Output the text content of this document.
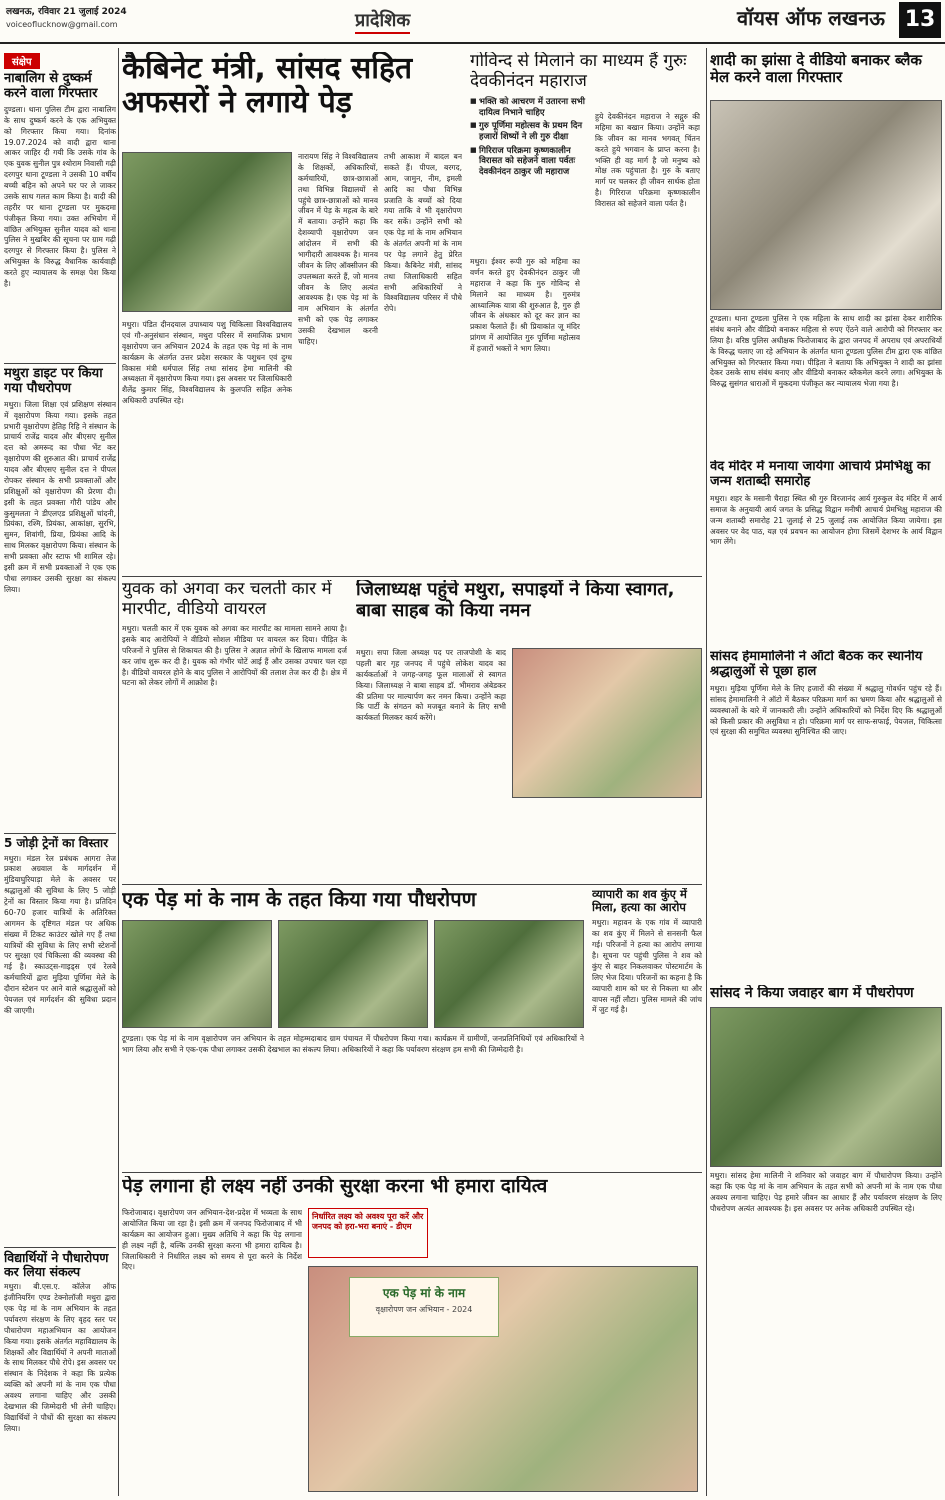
लखनऊ, रविवार 21 जुलाई 2024
voiceoflucknow@gmail.com	प्रादेशिक	वॉयस ऑफ लखनऊ 13
संक्षेप
नाबालिग से दुष्कर्म करने वाला गिरफ्तार
दुण्डला। थाना पुलिस टीम द्वारा नाबालिग के साथ दुष्कर्म करने के एक अभियुक्त को गिरफ्तार किया गया। दिनांक 19.07.2024 को वादी द्वारा थाना आकर जाहिर दी गयी कि उसके गांव के एक युवक सुनील पुत्र श्योराम निवासी गढ़ी दरगपुर थाना टूण्डला ने उसकी 10 वर्षीय बच्ची बहिन को अपने घर पर ले जाकर उसके साथ गलत काम किया है। वादी की तहरीर पर थाना टूण्डला पर मुकदमा पंजीकृत किया गया। उक्त अभियोग में वांछित अभियुक्त सुनील यादव को थाना पुलिस ने मुखबिर की सूचना पर ग्राम गढ़ी दरगपुर से गिरफ्तार किया है। पुलिस ने अभियुक्त के विरुद्ध वैधानिक कार्यवाही करते हुए न्यायालय के समक्ष पेश किया है।
मथुरा डाइट पर किया गया पौधरोपण
मथुरा। जिला शिक्षा एवं प्रशिक्षण संस्थान में वृक्षारोपण किया गया। इसके तहत प्रभारी वृक्षारोपण हेतिह रिहि ने संस्थान के प्राचार्य राजेंद्र यादव और बीएसए सुनील दत्त को अमरूद का पौधा भेंट कर वृक्षारोपण की शुरुआत की। प्राचार्य राजेंद्र यादव और बीएसए सुनील दत्त ने पीपल रोपकर संस्थान के सभी प्रवक्ताओं और प्रशिक्षुओं को वृक्षारोपण की प्रेरणा दी। इसी के तहत प्रवक्ता गौरी पांडेय और कुसुमलता ने डीएलएड प्रशिक्षुओं चांदनी, प्रियंका, रश्मि, प्रियंका, आकांक्षा, सुरभि, सुमन, शिवांगी, प्रिया, प्रियंका आदि के साथ मिलकर वृक्षारोपण किया। संस्थान के सभी प्रवक्ता और स्टाफ भी शामिल रहे। इसी क्रम में सभी प्रवक्ताओं ने एक एक पौधा लगाकर उसकी सुरक्षा का संकल्प लिया।
5 जोड़ी ट्रेनों का विस्तार
मथुरा। मंडल रेल प्रबंधक आगरा तेज प्रकाश अग्रवाल के मार्गदर्शन में मुंडियाघुरियाड़ा मेले के अवसर पर श्रद्धालुओं की सुविधा के लिए 5 जोड़ी ट्रेनों का विस्तार किया गया है। प्रतिदिन 60-70 हजार यात्रियों के अतिरिक्त आगमन के दृष्टिगत मंडल पर अधिक संख्या में टिकट काउंटर खोले गए हैं तथा यात्रियों की सुविधा के लिए सभी स्टेशनों पर सुरक्षा एवं चिकित्सा की व्यवस्था की गई है। स्काउट्स-गाइड्स एवं रेलवे कर्मचारियों द्वारा मुड़िया पूर्णिमा मेले के दौरान स्टेशन पर आने वाले श्रद्धालुओं को पेयजल एवं मार्गदर्शन की सुविधा प्रदान की जाएगी।
विद्यार्थियों ने पौधारोपण कर लिया संकल्प
मथुरा। बी.एस.ए. कॉलेज ऑफ इंजीनियरिंग एण्ड टेक्नोलॉजी मथुरा द्वारा एक पेड़ मां के नाम अभियान के तहत पर्यावरण संरक्षण के लिए वृहद स्तर पर पौधारोपण महाअभियान का आयोजन किया गया। इसके अंतर्गत महाविद्यालय के शिक्षकों और विद्यार्थियों ने अपनी माताओं के साथ मिलकर पौधे रोपे। इस अवसर पर संस्थान के निदेशक ने कहा कि प्रत्येक व्यक्ति को अपनी मां के नाम एक पौधा अवश्य लगाना चाहिए और उसकी देखभाल की जिम्मेदारी भी लेनी चाहिए। विद्यार्थियों ने पौधों की सुरक्षा का संकल्प लिया।
कैबिनेट मंत्री, सांसद सहित अफसरों ने लगाये पेड़
नारायण सिंह ने विश्वविद्यालय के शिक्षकों, अधिकारियों, कर्मचारियों, छात्र-छात्राओं तथा विभिन्न विद्यालयों से पहुंचे छात्र-छात्राओं को मानव जीवन में पेड़ के महत्व के बारे में बताया। उन्होंने कहा कि देशव्यापी वृक्षारोपण जन आंदोलन में सभी की भागीदारी आवश्यक है। मानव जीवन के लिए ऑक्सीजन की उपलब्धता करते हैं, जो मानव जीवन के लिए अत्यंत आवश्यक है। एक पेड़ मां के नाम अभियान के अंतर्गत सभी को एक पेड़ लगाकर उसकी देखभाल करनी चाहिए।
तभी आकाश में बादल बन सकते हैं। पीपल, बरगद, आम, जामुन, नीम, इमली आदि का पौधा विभिन्न प्रजाति के बच्चों को दिया गया ताकि वे भी वृक्षारोपण कर सकें। उन्होंने सभी को एक पेड़ मां के नाम अभियान के अंतर्गत अपनी मां के नाम पर पेड़ लगाने हेतु प्रेरित किया। कैबिनेट मंत्री, सांसद तथा जिलाधिकारी सहित सभी अधिकारियों ने विश्वविद्यालय परिसर में पौधे रोपे।
मथुरा। पंडित दीनदयाल उपाध्याय पशु चिकित्सा विश्वविद्यालय एवं गौ-अनुसंधान संस्थान, मथुरा परिसर में समाजिक प्रभाग वृक्षारोपण जन अभियान 2024 के तहत एक पेड़ मां के नाम कार्यक्रम के अंतर्गत उत्तर प्रदेश सरकार के पशुधन एवं दुग्ध विकास मंत्री धर्मपाल सिंह तथा सांसद हेमा मालिनी की अध्यक्षता में वृक्षारोपण किया गया। इस अवसर पर जिलाधिकारी शैलेंद्र कुमार सिंह, विश्वविद्यालय के कुलपति सहित अनेक अधिकारी उपस्थित रहे।
गोविन्द से मिलाने का माध्यम हैं गुरुः देवकीनंदन महाराज
■ भक्ति को आचरण में उतारना सभी दायित्व निभाने चाहिए
■ गुरु पूर्णिमा महोत्सव के प्रथम दिन हजारों शिष्यों ने ली गुरु दीक्षा
■ गिरिराज परिक्रमा कृष्णकालीन विरासत को सहेजने वाला पर्वतः देवकीनंदन ठाकुर जी महाराज
मथुरा। ईश्वर रूपी गुरु को महिमा का वर्णन करते हुए देवकीनंदन ठाकुर जी महाराज ने कहा कि गुरु गोविन्द से मिलाने का माध्यम है। गुरुमंत्र आध्यात्मिक यात्रा की शुरुआत है, गुरु ही जीवन के अंधकार को दूर कर ज्ञान का प्रकाश फैलाते हैं। श्री प्रियाकांत जू मंदिर प्रांगण में आयोजित गुरु पूर्णिमा महोत्सव में हजारों भक्तों ने भाग लिया।
हुये देवकीनंदन महाराज ने सद्गुरु की महिमा का बखान किया। उन्होंने कहा कि जीवन का मानव भगवत् चिंतन करते हुये भगवान के प्राप्त करना है। भक्ति ही वह मार्ग है जो मनुष्य को मोक्ष तक पहुंचाता है। गुरु के बताए मार्ग पर चलकर ही जीवन सार्थक होता है। गिरिराज परिक्रमा कृष्णकालीन विरासत को सहेजने वाला पर्वत है।
शादी का झांसा दे वीडियो बनाकर ब्लैक मेल करने वाला गिरफ्तार
टूण्डला। थाना टूण्डला पुलिस ने एक महिला के साथ शादी का झांसा देकर शारीरिक संबंध बनाने और वीडियो बनाकर महिला से रुपए ऐंठने वाले आरोपी को गिरफ्तार कर लिया है। वरिष्ठ पुलिस अधीक्षक फिरोजाबाद के द्वारा जनपद में अपराध एवं अपराधियों के विरुद्ध चलाए जा रहे अभियान के अंतर्गत थाना टूण्डला पुलिस टीम द्वारा एक वांछित अभियुक्त को गिरफ्तार किया गया। पीड़िता ने बताया कि अभियुक्त ने शादी का झांसा देकर उसके साथ संबंध बनाए और वीडियो बनाकर ब्लैकमेल करने लगा। अभियुक्त के विरुद्ध सुसंगत धाराओं में मुकदमा पंजीकृत कर न्यायालय भेजा गया है।
वेद मंदिर में मनाया जायेगा आचार्य प्रेमभिक्षु का जन्म शताब्दी समारोह
मथुरा। शहर के मसानी चैराहा स्थित श्री गुरु विरजानंद आर्य गुरुकुल वेद मंदिर में आर्य समाज के अनुयायी आर्य जगत के प्रसिद्ध विद्वान मनीषी आचार्य प्रेमभिक्षु महाराज की जन्म शताब्दी समारोह 21 जुलाई से 25 जुलाई तक आयोजित किया जायेगा। इस अवसर पर वेद पाठ, यज्ञ एवं प्रवचन का आयोजन होगा जिसमें देशभर के आर्य विद्वान भाग लेंगे।
सांसद हेमामालिनी ने ऑटो बैठक कर स्थानीय श्रद्धालुओं से पूछा हाल
मथुरा। मुड़िया पूर्णिमा मेले के लिए हजारों की संख्या में श्रद्धालु गोवर्धन पहुंच रहे हैं। सांसद हेमामालिनी ने ऑटो में बैठकर परिक्रमा मार्ग का भ्रमण किया और श्रद्धालुओं से व्यवस्थाओं के बारे में जानकारी ली। उन्होंने अधिकारियों को निर्देश दिए कि श्रद्धालुओं को किसी प्रकार की असुविधा न हो। परिक्रमा मार्ग पर साफ-सफाई, पेयजल, चिकित्सा एवं सुरक्षा की समुचित व्यवस्था सुनिश्चित की जाए।
सांसद ने किया जवाहर बाग में पौधरोपण
मथुरा। सांसद हेमा मालिनी ने शनिवार को जवाहर बाग में पौधारोपण किया। उन्होंने कहा कि एक पेड़ मां के नाम अभियान के तहत सभी को अपनी मां के नाम एक पौधा अवश्य लगाना चाहिए। पेड़ हमारे जीवन का आधार हैं और पर्यावरण संरक्षण के लिए पौधरोपण अत्यंत आवश्यक है। इस अवसर पर अनेक अधिकारी उपस्थित रहे।
युवक को अगवा कर चलती कार में मारपीट, वीडियो वायरल
मथुरा। चलती कार में एक युवक को अगवा कर मारपीट का मामला सामने आया है। इसके बाद आरोपियों ने वीडियो सोशल मीडिया पर वायरल कर दिया। पीड़ित के परिजनों ने पुलिस से शिकायत की है। पुलिस ने अज्ञात लोगों के खिलाफ मामला दर्ज कर जांच शुरू कर दी है। युवक को गंभीर चोटें आई हैं और उसका उपचार चल रहा है। वीडियो वायरल होने के बाद पुलिस ने आरोपियों की तलाश तेज कर दी है। क्षेत्र में घटना को लेकर लोगों में आक्रोश है।
जिलाध्यक्ष पहुंचे मथुरा, सपाइयों ने किया स्वागत, बाबा साहब को किया नमन
मथुरा। सपा जिला अध्यक्ष पद पर ताजपोशी के बाद पहली बार गृह जनपद में पहुंचे लोकेश यादव का कार्यकर्ताओं ने जगह-जगह फूल मालाओं से स्वागत किया। जिलाध्यक्ष ने बाबा साहब डॉ. भीमराव अंबेडकर की प्रतिमा पर माल्यार्पण कर नमन किया। उन्होंने कहा कि पार्टी के संगठन को मजबूत बनाने के लिए सभी कार्यकर्ता मिलकर कार्य करेंगे।
एक पेड़ मां के नाम के तहत किया गया पौधरोपण
टूण्डला। एक पेड़ मां के नाम वृक्षारोपण जन अभियान के तहत मोहम्मदाबाद ग्राम पंचायत में पौधरोपण किया गया। कार्यक्रम में ग्रामीणों, जनप्रतिनिधियों एवं अधिकारियों ने भाग लिया और सभी ने एक-एक पौधा लगाकर उसकी देखभाल का संकल्प लिया। अधिकारियों ने कहा कि पर्यावरण संरक्षण हम सभी की जिम्मेदारी है।
व्यापारी का शव कुंए में मिला, हत्या का आरोप
मथुरा। महावन के एक गांव में व्यापारी का शव कुंए में मिलने से सनसनी फैल गई। परिजनों ने हत्या का आरोप लगाया है। सूचना पर पहुंची पुलिस ने शव को कुंए से बाहर निकलवाकर पोस्टमार्टम के लिए भेज दिया। परिजनों का कहना है कि व्यापारी शाम को घर से निकला था और वापस नहीं लौटा। पुलिस मामले की जांच में जुट गई है।
पेड़ लगाना ही लक्ष्य नहीं उनकी सुरक्षा करना भी हमारा दायित्व
फिरोजाबाद। वृक्षारोपण जन अभियान-देश-प्रदेश में भव्यता के साथ आयोजित किया जा रहा है। इसी क्रम में जनपद फिरोजाबाद में भी कार्यक्रम का आयोजन हुआ। मुख्य अतिथि ने कहा कि पेड़ लगाना ही लक्ष्य नहीं है, बल्कि उनकी सुरक्षा करना भी हमारा दायित्व है। जिलाधिकारी ने निर्धारित लक्ष्य को समय से पूरा करने के निर्देश दिए।
निर्धारित लक्ष्य को अवश्य पूरा करें और जनपद को हरा-भरा बनाएं - डीएम
एक पेड़ मां के नाम
वृक्षारोपण जन अभियान - 2024
